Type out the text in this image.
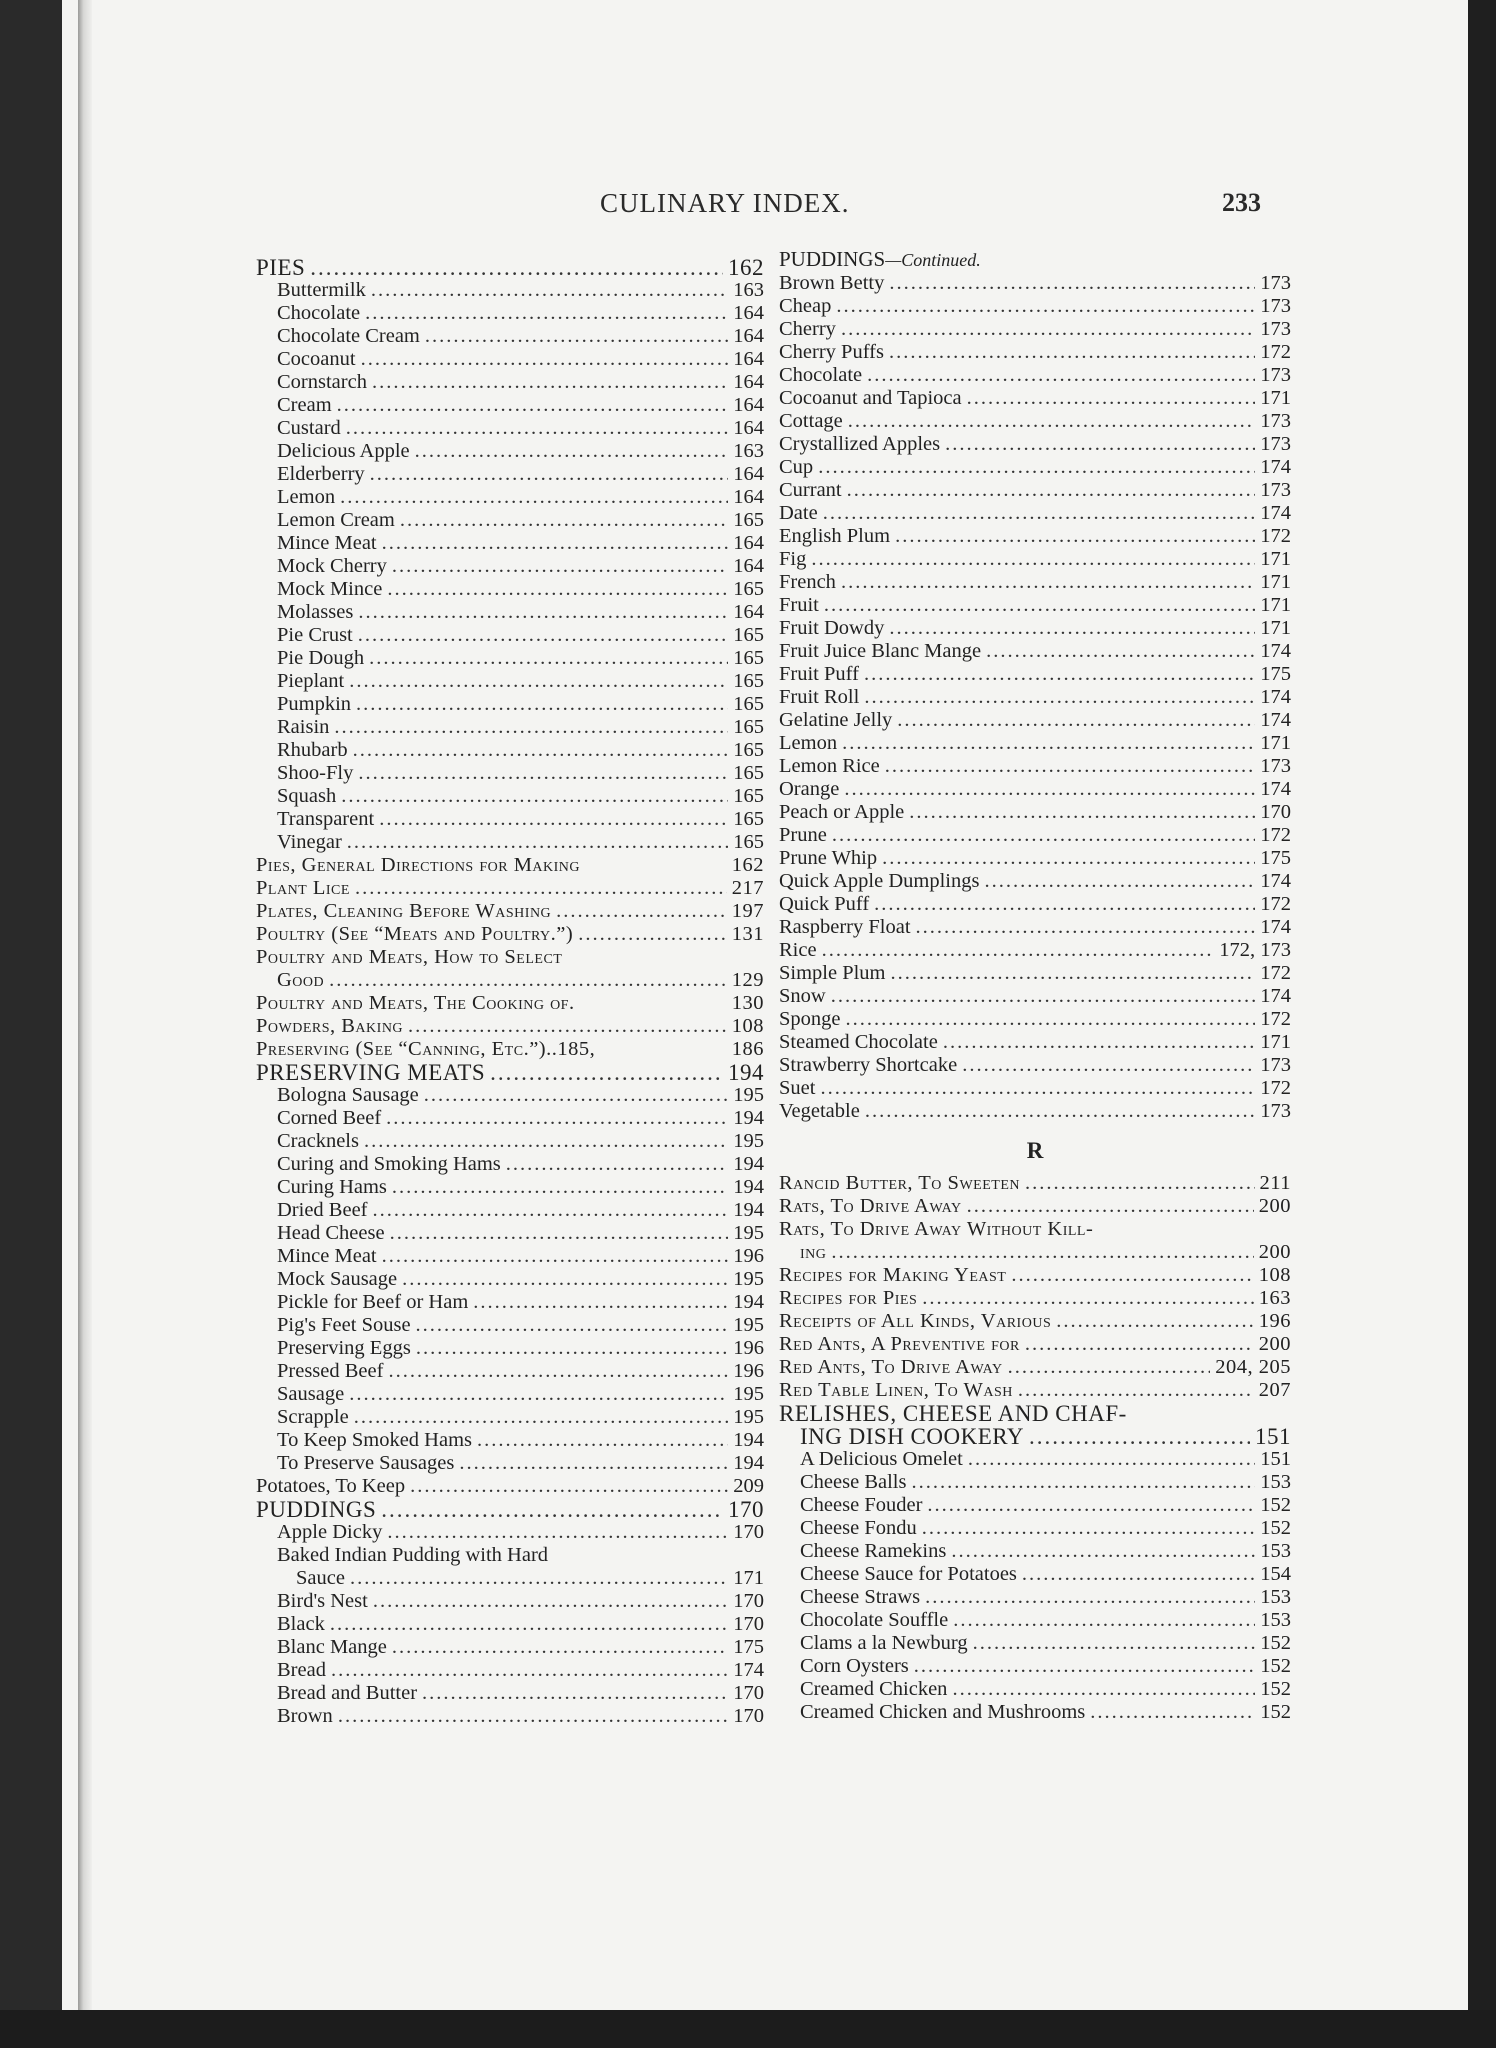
CULINARY INDEX.	233
PIES .....	162
Buttermilk .....	163
Chocolate .....	164
Chocolate Cream .....	164
Cocoanut .....	164
Cornstarch .....	164
Cream .....	164
Custard .....	164
Delicious Apple .....	163
Elderberry .....	164
Lemon .....	164
Lemon Cream .....	165
Mince Meat .....	164
Mock Cherry .....	164
Mock Mince .....	165
Molasses .....	164
Pie Crust .....	165
Pie Dough .....	165
Pieplant .....	165
Pumpkin .....	165
Raisin .....	165
Rhubarb .....	165
Shoo-Fly .....	165
Squash .....	165
Transparent .....	165
Vinegar .....	165
Pies, General Directions for Making	162
Plant Lice .....	217
Plates, Cleaning Before Washing .....	197
Poultry (See “Meats and Poultry.”) .....	131
Poultry and Meats, How to Select
Good .....	129
Poultry and Meats, The Cooking of.	130
Powders, Baking .....	108
Preserving (See “Canning, Etc.”)..185,	186
PRESERVING MEATS .....	194
Bologna Sausage .....	195
Corned Beef .....	194
Cracknels .....	195
Curing and Smoking Hams .....	194
Curing Hams .....	194
Dried Beef .....	194
Head Cheese .....	195
Mince Meat .....	196
Mock Sausage .....	195
Pickle for Beef or Ham .....	194
Pig's Feet Souse .....	195
Preserving Eggs .....	196
Pressed Beef .....	196
Sausage .....	195
Scrapple .....	195
To Keep Smoked Hams .....	194
To Preserve Sausages .....	194
Potatoes, To Keep .....	209
PUDDINGS .....	170
Apple Dicky .....	170
Baked Indian Pudding with Hard
Sauce .....	171
Bird's Nest .....	170
Black .....	170
Blanc Mange .....	175
Bread .....	174
Bread and Butter .....	170
Brown .....	170
PUDDINGS—Continued.
Brown Betty .....	173
Cheap .....	173
Cherry .....	173
Cherry Puffs .....	172
Chocolate .....	173
Cocoanut and Tapioca .....	171
Cottage .....	173
Crystallized Apples .....	173
Cup .....	174
Currant .....	173
Date .....	174
English Plum .....	172
Fig .....	171
French .....	171
Fruit .....	171
Fruit Dowdy .....	171
Fruit Juice Blanc Mange .....	174
Fruit Puff .....	175
Fruit Roll .....	174
Gelatine Jelly .....	174
Lemon .....	171
Lemon Rice .....	173
Orange .....	174
Peach or Apple .....	170
Prune .....	172
Prune Whip .....	175
Quick Apple Dumplings .....	174
Quick Puff .....	172
Raspberry Float .....	174
Rice .....	172, 173
Simple Plum .....	172
Snow .....	174
Sponge .....	172
Steamed Chocolate .....	171
Strawberry Shortcake .....	173
Suet .....	172
Vegetable .....	173
R
Rancid Butter, To Sweeten .....	211
Rats, To Drive Away .....	200
Rats, To Drive Away Without Kill-
ing .....	200
Recipes for Making Yeast .....	108
Recipes for Pies .....	163
Receipts of All Kinds, Various .....	196
Red Ants, A Preventive for .....	200
Red Ants, To Drive Away .....	204, 205
Red Table Linen, To Wash .....	207
RELISHES, CHEESE AND CHAF-
ING DISH COOKERY .....	151
A Delicious Omelet .....	151
Cheese Balls .....	153
Cheese Fouder .....	152
Cheese Fondu .....	152
Cheese Ramekins .....	153
Cheese Sauce for Potatoes .....	154
Cheese Straws .....	153
Chocolate Souffle .....	153
Clams a la Newburg .....	152
Corn Oysters .....	152
Creamed Chicken .....	152
Creamed Chicken and Mushrooms .....	152
